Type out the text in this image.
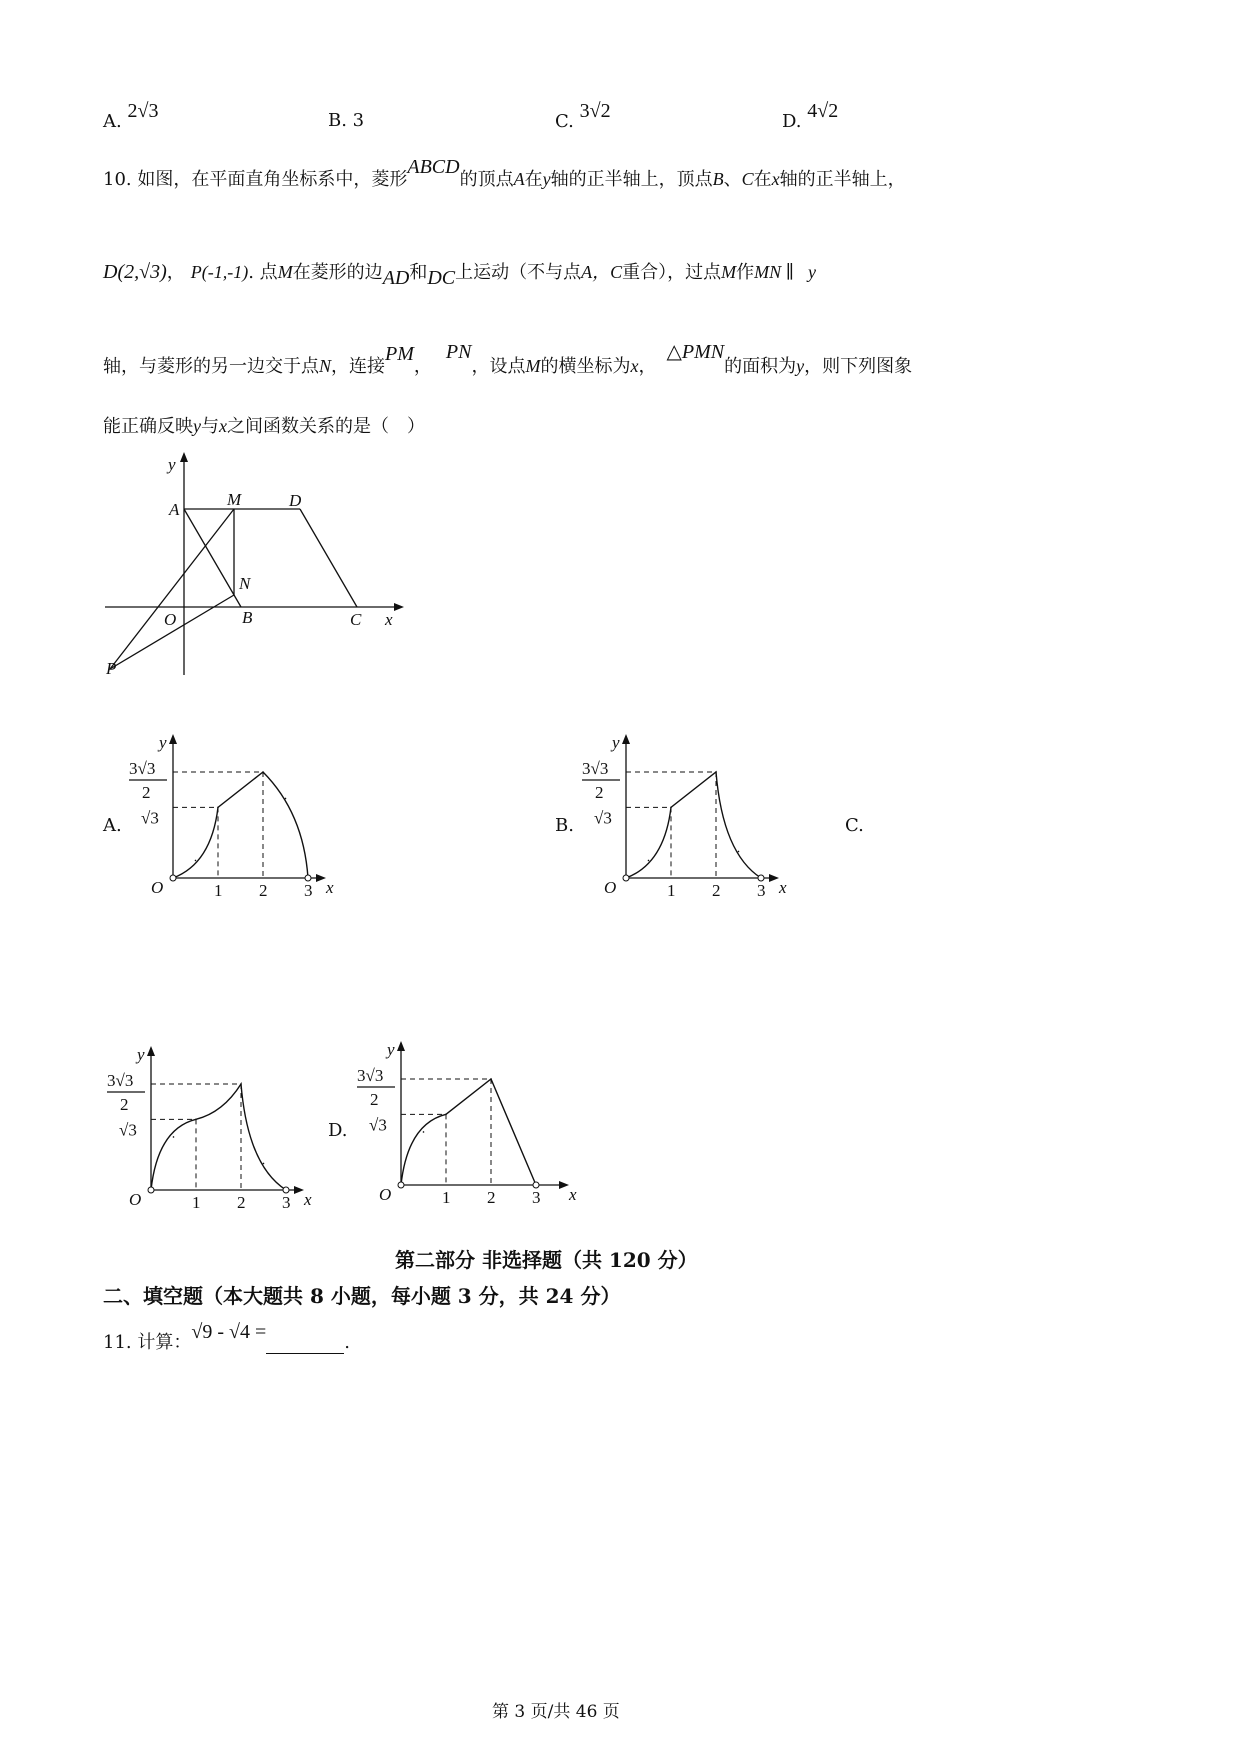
A. 2√3	B. 3	C. 3√2	D. 4√2
10. 如图，在平面直角坐标系中，菱形ABCD的顶点A在y轴的正半轴上，顶点B、C在x轴的正半轴上，
D(2,√3)， P(-1,-1). 点M在菱形的边AD和DC上运动（不与点A，C重合），过点M作MN ∥ y
轴，与菱形的另一边交于点N，连接PM，PN，设点M的横坐标为x，△PMN的面积为y，则下列图象
能正确反映y与x之间函数关系的是（　）
y
x
A
M	D
N
O	B	C
P
A.	B.	C.
D.
y
x
O	1 2 3
3√3
2
√3
y
x
O	1 2 3
3√3
2
√3
y
x
O	1 2 3
3√3
2
√3
y
x
O	1 2 3
3√3
2
√3
第二部分 非选择题（共 120 分）
二、填空题（本大题共 8 小题，每小题 3 分，共 24 分）
11. 计算：√9 - √4 =	.
第 3 页/共 46 页
